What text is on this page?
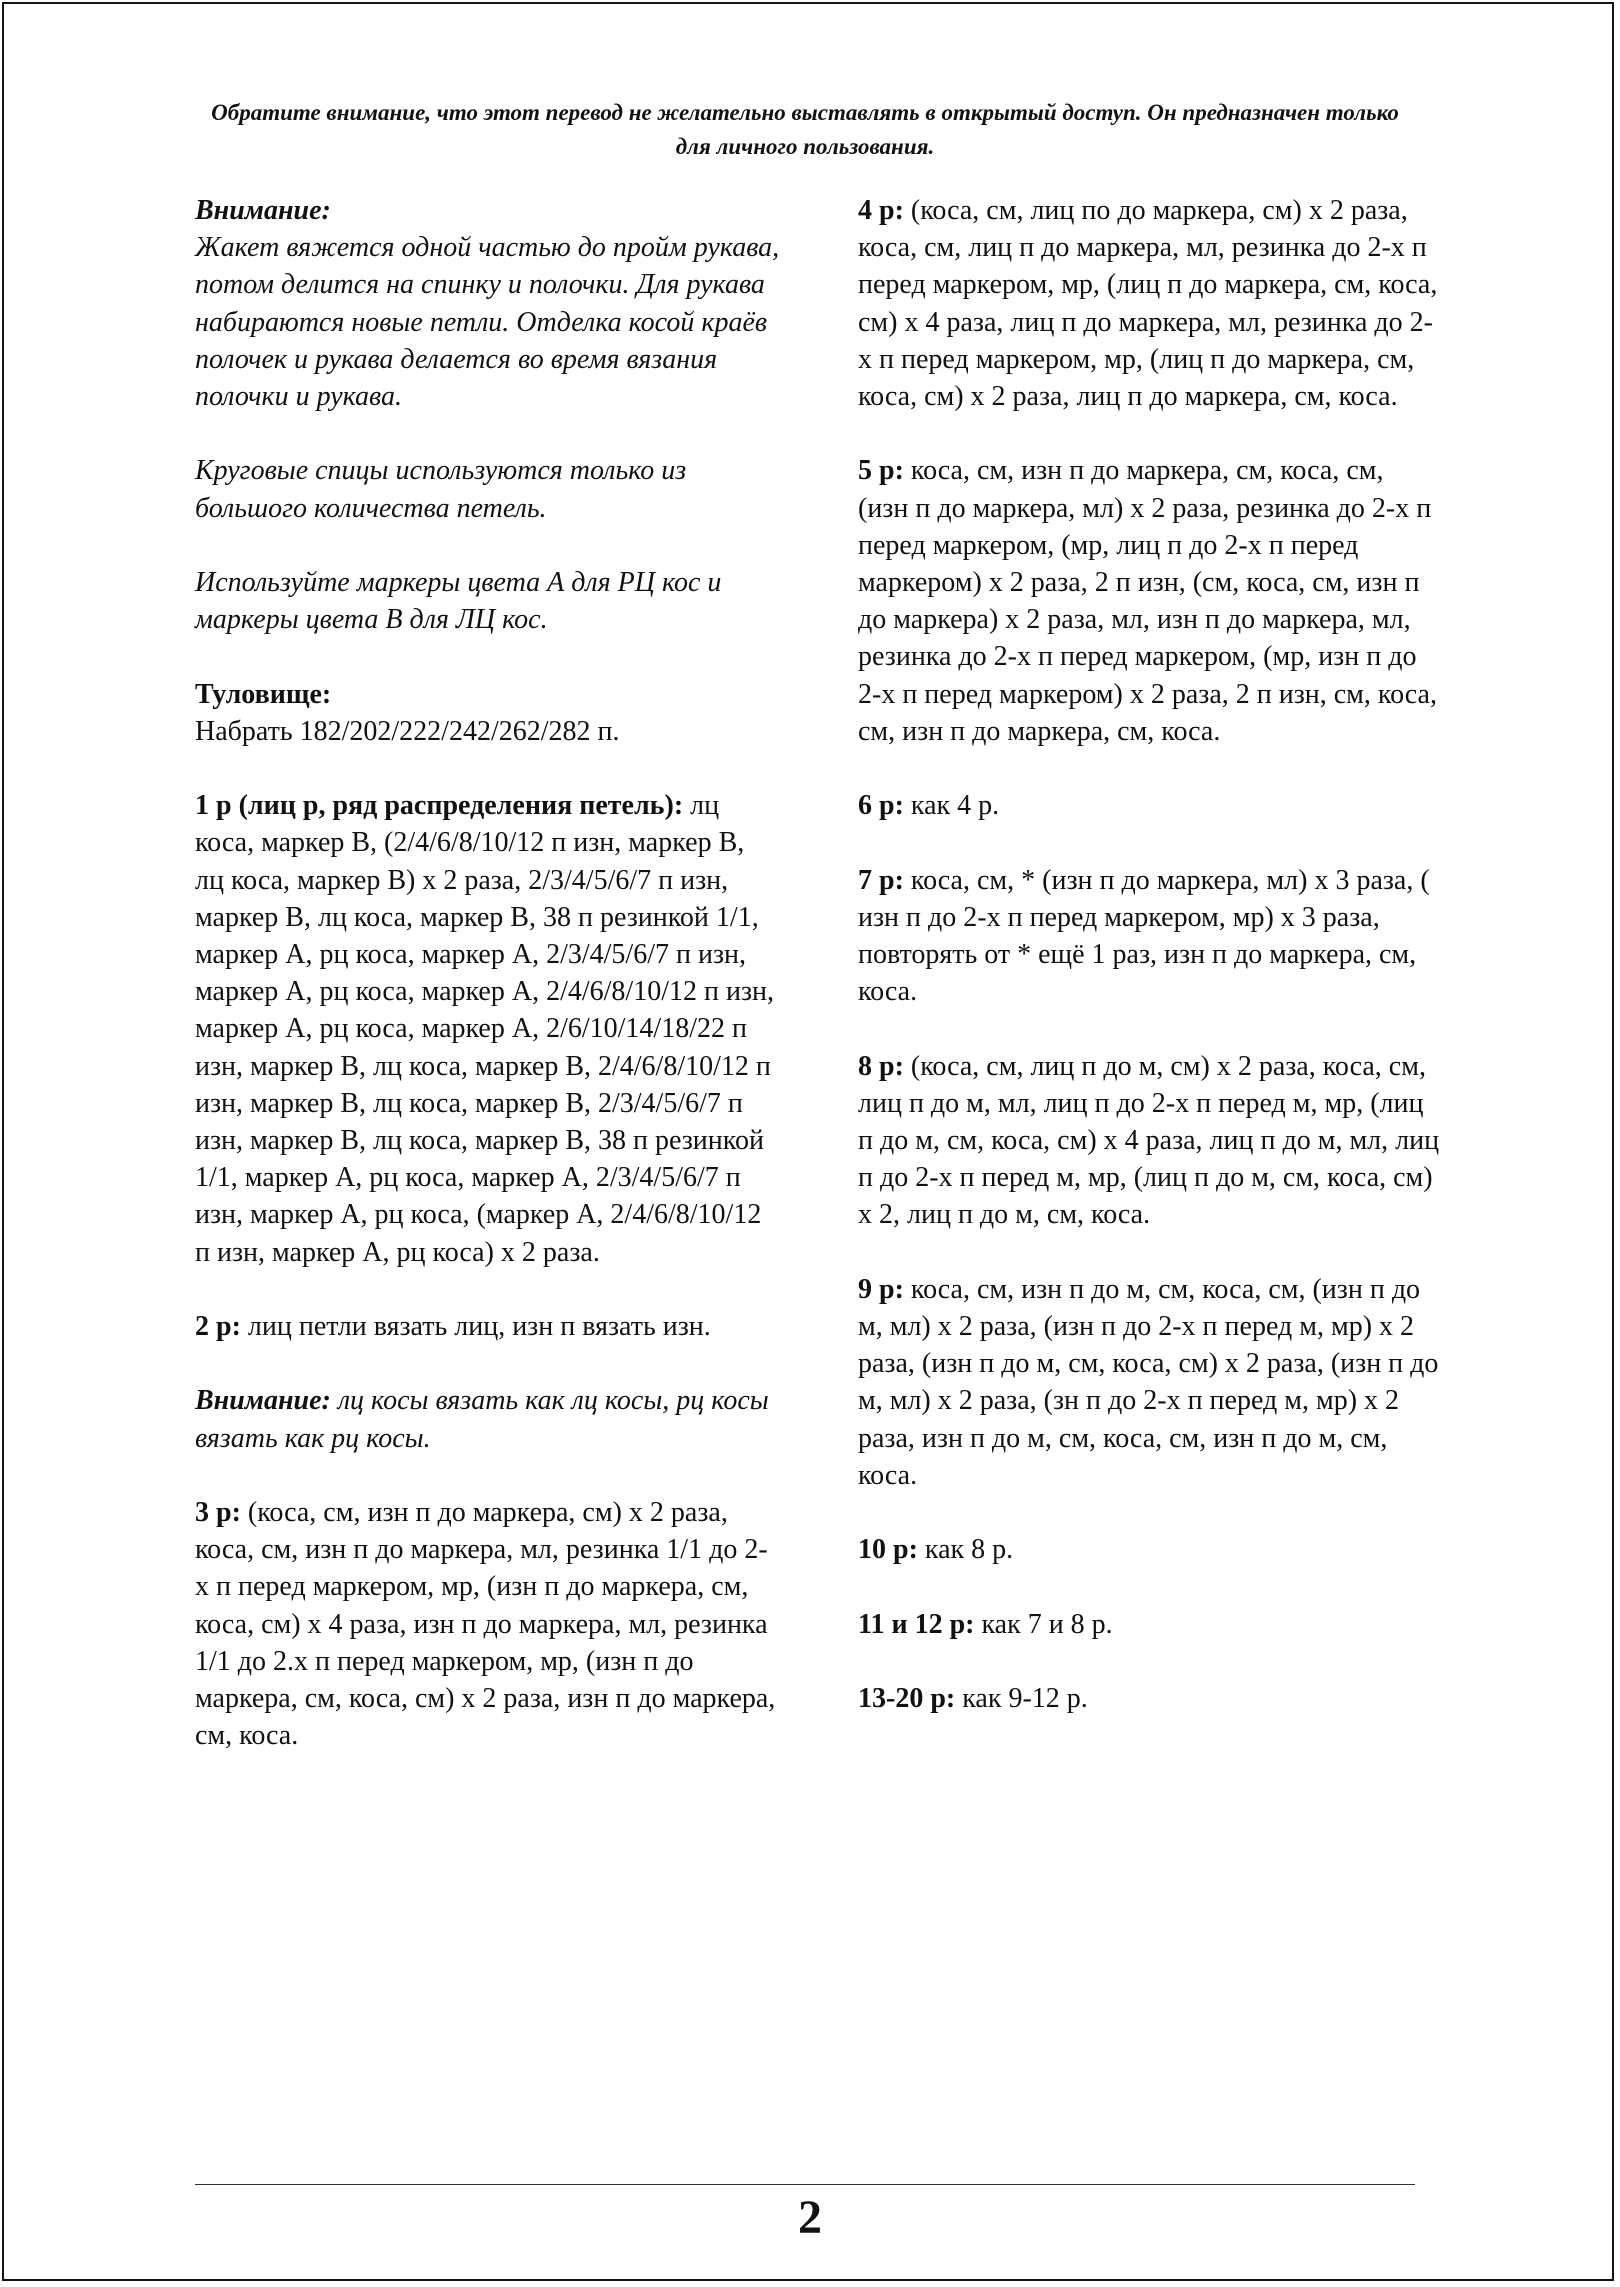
Обратите внимание, что этот перевод не желательно выставлять в открытый доступ. Он предназначен только для личного пользования.
Внимание:
Жакет вяжется одной частью до пройм рукава, потом делится на спинку и полочки. Для рукава набираются новые петли. Отделка косой краёв полочек и рукава делается во время вязания полочки и рукава.
Круговые спицы используются только из большого количества петель.
Используйте маркеры цвета А для РЦ кос и маркеры цвета В для ЛЦ кос.
Туловище:
Набрать 182/202/222/242/262/282 п.
1 р (лиц р, ряд распределения петель): лц коса, маркер В, (2/4/6/8/10/12 п изн, маркер В, лц коса, маркер В) х 2 раза, 2/3/4/5/6/7 п изн, маркер В, лц коса, маркер В, 38 п резинкой 1/1, маркер А, рц коса, маркер А, 2/3/4/5/6/7 п изн, маркер А, рц коса, маркер А, 2/4/6/8/10/12 п изн, маркер А, рц коса, маркер А, 2/6/10/14/18/22 п изн, маркер В, лц коса, маркер В, 2/4/6/8/10/12 п изн, маркер В, лц коса, маркер В, 2/3/4/5/6/7 п изн, маркер В, лц коса, маркер В, 38 п резинкой 1/1, маркер А, рц коса, маркер А, 2/3/4/5/6/7 п изн, маркер А, рц коса, (маркер А, 2/4/6/8/10/12 п изн, маркер А, рц коса) х 2 раза.
2 р: лиц петли вязать лиц, изн п вязать изн.
Внимание: лц косы вязать как лц косы, рц косы вязать как рц косы.
3 р: (коса, см, изн п до маркера, см) х 2 раза, коса, см, изн п до маркера, мл, резинка 1/1 до 2-х п перед маркером, мр, (изн п до маркера, см, коса, см) х 4 раза, изн п до маркера, мл, резинка 1/1 до 2.х п перед маркером, мр, (изн п до маркера, см, коса, см) х 2 раза, изн п до маркера, см, коса.
4 р: (коса, см, лиц по до маркера, см) х 2 раза, коса, см, лиц п до маркера, мл, резинка до 2-х п перед маркером, мр, (лиц п до маркера, см, коса, см) х 4 раза, лиц п до маркера, мл, резинка до 2-х п перед маркером, мр, (лиц п до маркера, см, коса, см) х 2 раза, лиц п до маркера, см, коса.
5 р: коса, см, изн п до маркера, см, коса, см, (изн п до маркера, мл) х 2 раза, резинка до 2-х п перед маркером, (мр, лиц п до 2-х п перед маркером) х 2 раза, 2 п изн, (см, коса, см, изн п до маркера) х 2 раза, мл, изн п до маркера, мл, резинка до 2-х п перед маркером, (мр, изн п до 2-х п перед маркером) х 2 раза, 2 п изн, см, коса, см, изн п до маркера, см, коса.
6 р: как 4 р.
7 р: коса, см, * (изн п до маркера, мл) х 3 раза, ( изн п до 2-х п перед маркером, мр) х 3 раза, повторять от * ещё 1 раз, изн п до маркера, см, коса.
8 р: (коса, см, лиц п до м, см) х 2 раза, коса, см, лиц п до м, мл, лиц п до 2-х п перед м, мр, (лиц п до м, см, коса, см) х 4 раза, лиц п до м, мл, лиц п до 2-х п перед м, мр, (лиц п до м, см, коса, см) х 2, лиц п до м, см, коса.
9 р: коса, см, изн п до м, см, коса, см, (изн п до м, мл) х 2 раза, (изн п до 2-х п перед м, мр) х 2 раза, (изн п до м, см, коса, см) х 2 раза, (изн п до м, мл) х 2 раза, (зн п до 2-х п перед м, мр) х 2 раза, изн п до м, см, коса, см, изн п до м, см, коса.
10 р: как 8 р.
11 и 12 р: как 7 и 8 р.
13-20 р: как 9-12 р.
2
